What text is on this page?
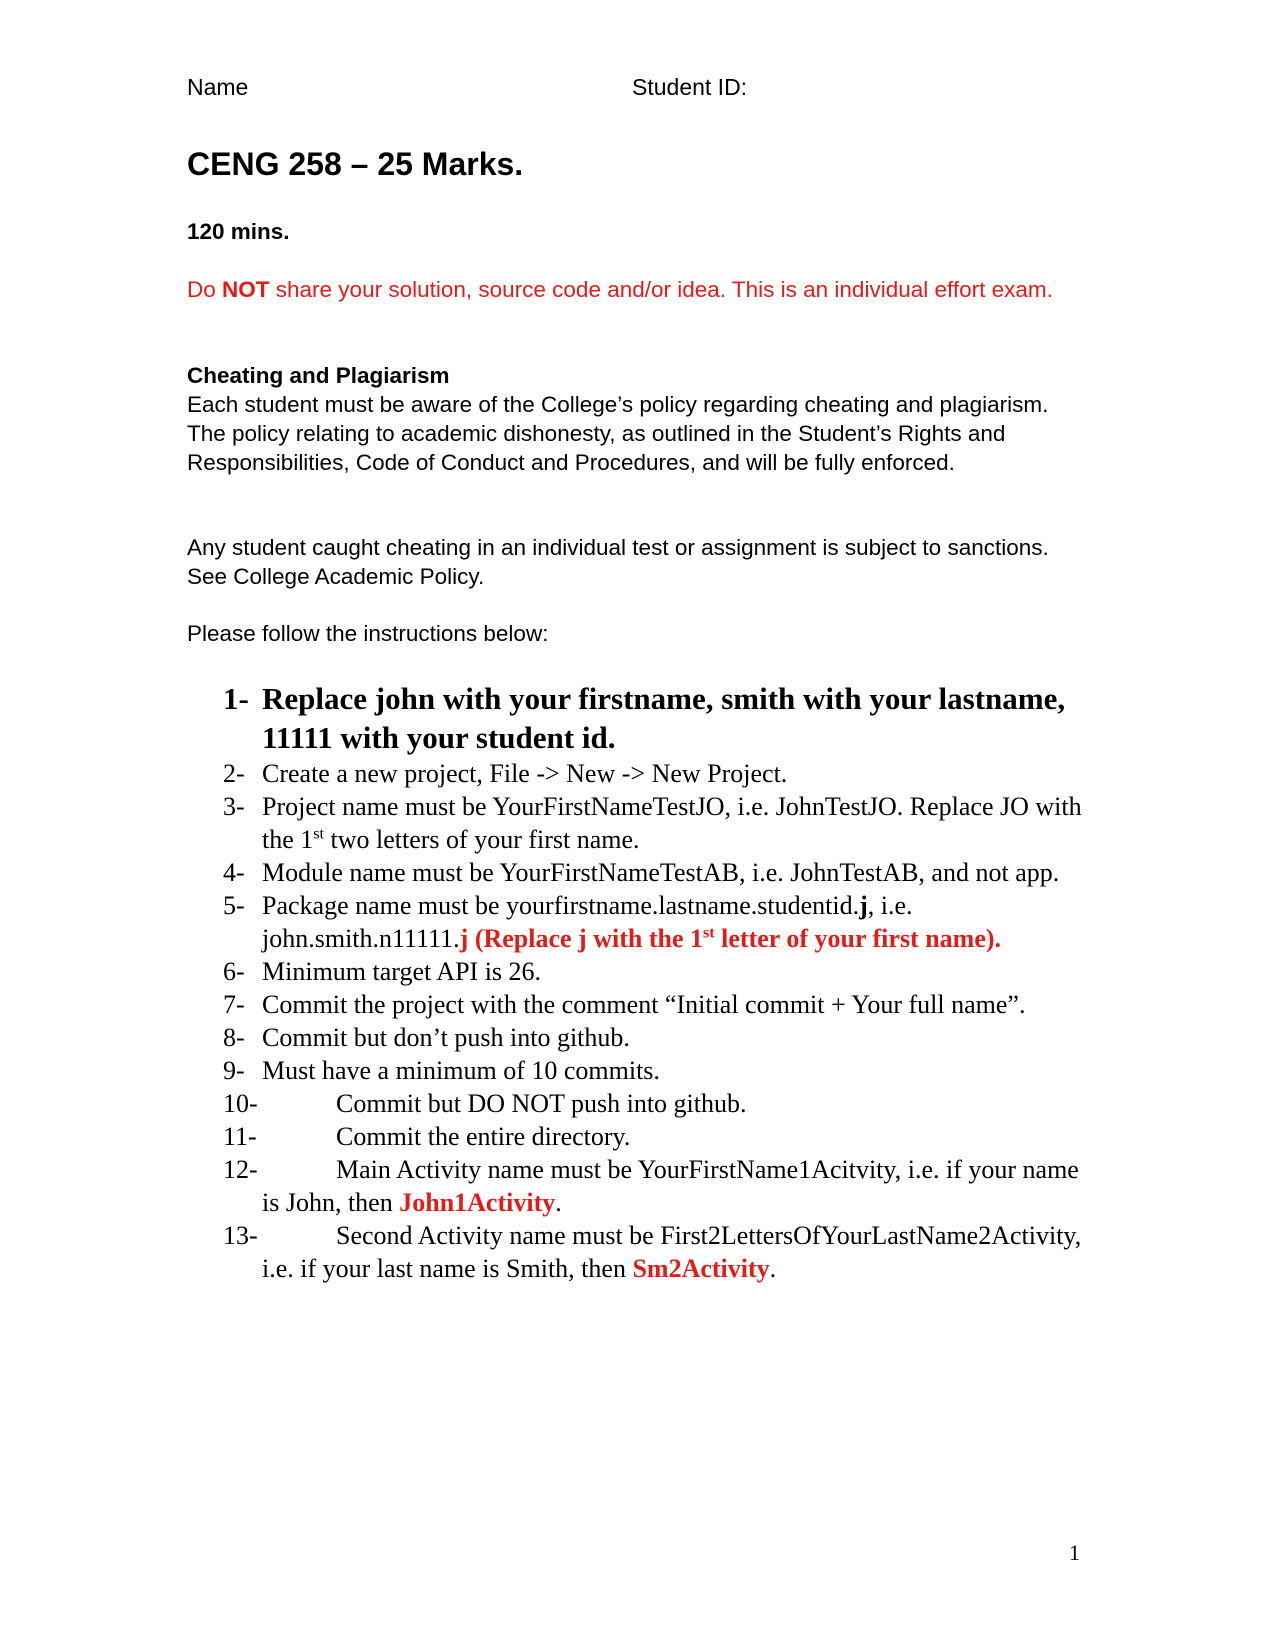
Name	Student ID:
CENG 258 – 25 Marks.
120 mins.

Do NOT share your solution, source code and/or idea. This is an individual effort exam.

Cheating and Plagiarism

Each student must be aware of the College’s policy regarding cheating and plagiarism. The policy relating to academic dishonesty, as outlined in the Student’s Rights and Responsibilities, Code of Conduct and Procedures, and will be fully enforced.

Any student caught cheating in an individual test or assignment is subject to sanctions. See College Academic Policy.

Please follow the instructions below:

1- Replace john with your firstname, smith with your lastname, 11111 with your student id.
2- Create a new project, File -> New -> New Project.
3- Project name must be YourFirstNameTestJO, i.e. JohnTestJO. Replace JO with the 1st two letters of your first name.
4- Module name must be YourFirstNameTestAB, i.e. JohnTestAB, and not app.
5- Package name must be yourfirstname.lastname.studentid.j, i.e. john.smith.n11111.j (Replace j with the 1st letter of your first name).
6- Minimum target API is 26.
7- Commit the project with the comment “Initial commit + Your full name”.
8- Commit but don’t push into github.
9- Must have a minimum of 10 commits.
10-	Commit but DO NOT push into github.
11-	Commit the entire directory.
12-	Main Activity name must be YourFirstName1Acitvity, i.e. if your name is John, then John1Activity.
13-	Second Activity name must be First2LettersOfYourLastName2Activity, i.e. if your last name is Smith, then Sm2Activity.
1
